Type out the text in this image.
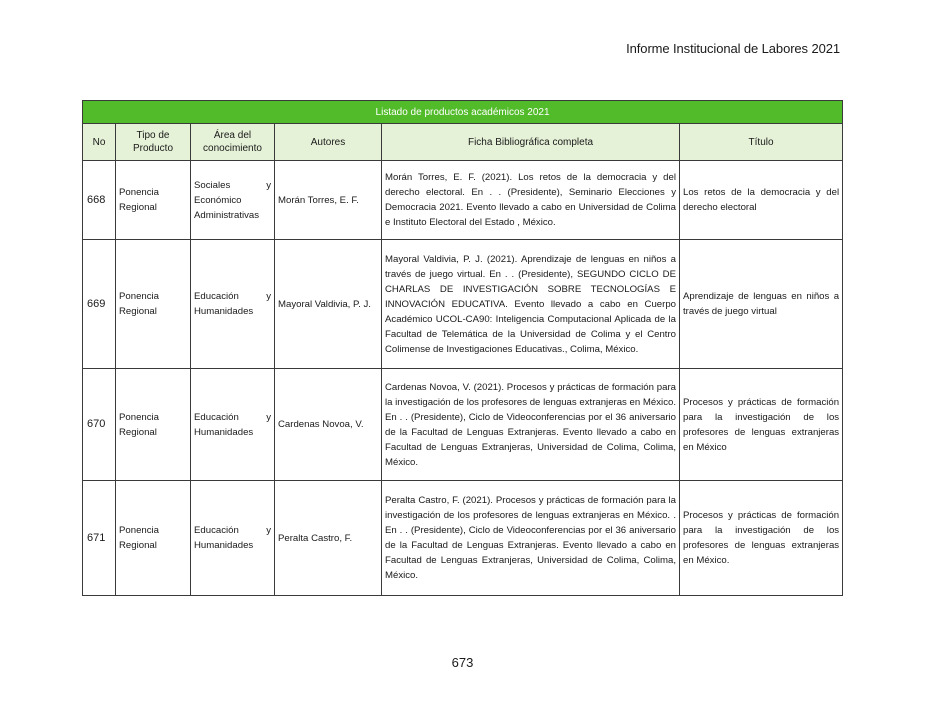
Informe Institucional de Labores 2021
Listado de productos académicos 2021					
No	Tipo de Producto	Área del conocimiento	Autores	Ficha Bibliográfica completa	Título
668	Ponencia Regional	Sociales y Económico Administrativas	Morán Torres, E. F.	Morán Torres, E. F. (2021). Los retos de la democracia y del derecho electoral. En . . (Presidente), Seminario Elecciones y Democracia 2021. Evento llevado a cabo en Universidad de Colima e Instituto Electoral del Estado , México.	Los retos de la democracia y del derecho electoral
669	Ponencia Regional	Educación y Humanidades	Mayoral Valdivia, P. J.	Mayoral Valdivia, P. J. (2021). Aprendizaje de lenguas en niños a través de juego virtual. En . . (Presidente), SEGUNDO CICLO DE CHARLAS DE INVESTIGACIÓN SOBRE TECNOLOGÍAS E INNOVACIÓN EDUCATIVA. Evento llevado a cabo en Cuerpo Académico UCOL-CA90: Inteligencia Computacional Aplicada de la Facultad de Telemática de la Universidad de Colima y el Centro Colimense de Investigaciones Educativas., Colima, México.	Aprendizaje de lenguas en niños a través de juego virtual
670	Ponencia Regional	Educación y Humanidades	Cardenas Novoa, V.	Cardenas Novoa, V. (2021). Procesos y prácticas de formación para la investigación de los profesores de lenguas extranjeras en México. En . . (Presidente), Ciclo de Videoconferencias por el 36 aniversario de la Facultad de Lenguas Extranjeras. Evento llevado a cabo en Facultad de Lenguas Extranjeras, Universidad de Colima, Colima, México.	Procesos y prácticas de formación para la investigación de los profesores de lenguas extranjeras en México
671	Ponencia Regional	Educación y Humanidades	Peralta Castro, F.	Peralta Castro, F. (2021). Procesos y prácticas de formación para la investigación de los profesores de lenguas extranjeras en México. . En . . (Presidente), Ciclo de Videoconferencias por el 36 aniversario de la Facultad de Lenguas Extranjeras. Evento llevado a cabo en Facultad de Lenguas Extranjeras, Universidad de Colima, Colima, México.	Procesos y prácticas de formación para la investigación de los profesores de lenguas extranjeras en México.
673
